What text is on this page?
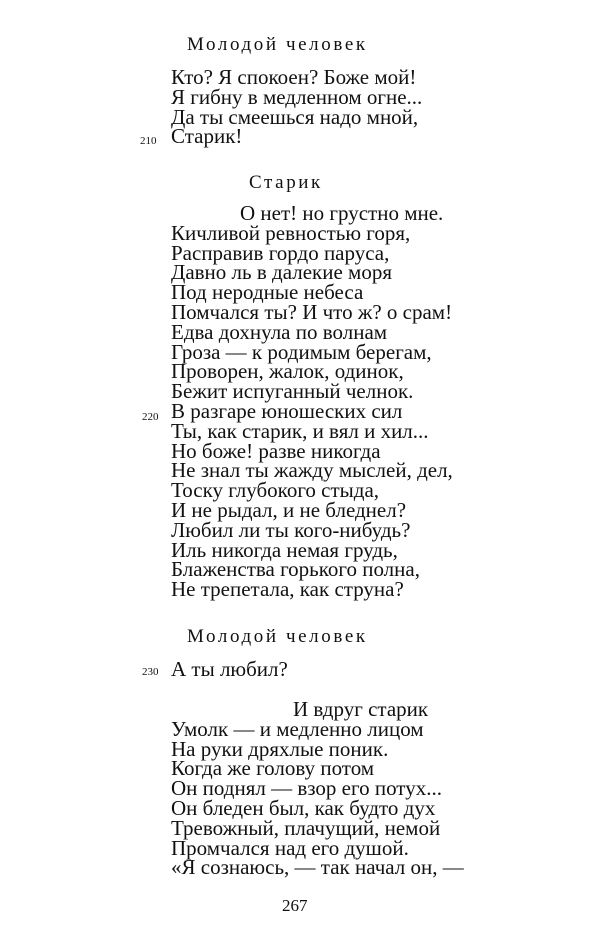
Молодой человек
Кто? Я спокоен? Боже мой!
Я гибну в медленном огне...
Да ты смеешься надо мной,
Старик!
210
Старик
О нет! но грустно мне.
Кичливой ревностью горя,
Расправив гордо паруса,
Давно ль в далекие моря
Под неродные небеса
Помчался ты? И что ж? о срам!
Едва дохнула по волнам
Гроза — к родимым берегам,
Проворен, жалок, одинок,
Бежит испуганный челнок.
В разгаре юношеских сил
Ты, как старик, и вял и хил...
Но боже! разве никогда
Не знал ты жажду мыслей, дел,
Тоску глубокого стыда,
И не рыдал, и не бледнел?
Любил ли ты кого-нибудь?
Иль никогда немая грудь,
Блаженства горького полна,
Не трепетала, как струна?
220
Молодой человек
А ты любил?
230
И вдруг старик
Умолк — и медленно лицом
На руки дряхлые поник.
Когда же голову потом
Он поднял — взор его потух...
Он бледен был, как будто дух
Тревожный, плачущий, немой
Промчался над его душой.
«Я сознаюсь, — так начал он, —
267
